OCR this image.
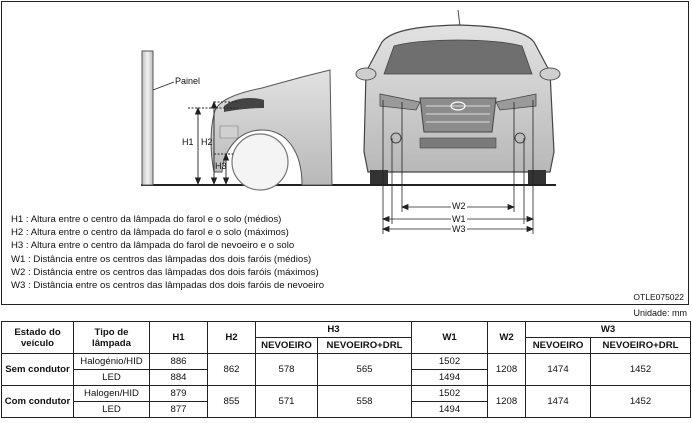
Painel
H1 H2
H3
W2
W1
W3
H1 : Altura entre o centro da lâmpada do farol e o solo (médios)
H2 : Altura entre o centro da lâmpada do farol e o solo (máximos)
H3 : Altura entre o centro da lâmpada do farol de nevoeiro e o solo
W1 : Distância entre os centros das lâmpadas dos dois faróis (médios)
W2 : Distância entre os centros das lâmpadas dos dois faróis (máximos)
W3 : Distância entre os centros das lâmpadas dos dois faróis de nevoeiro
OTLE075022
Unidade: mm
Estado do veículo	Tipo de lâmpada	H1	H2	H3		W1	W2	W3	
				NEVOEIRO	NEVOEIRO+DRL			NEVOEIRO	NEVOEIRO+DRL
Sem condutor	Halogénio/HID	886	862	578	565	1502	1208	1474	1452
	LED	884				1494			
Com condutor	Halogen/HID	879	855	571	558	1502	1208	1474	1452
	LED	877				1494			
